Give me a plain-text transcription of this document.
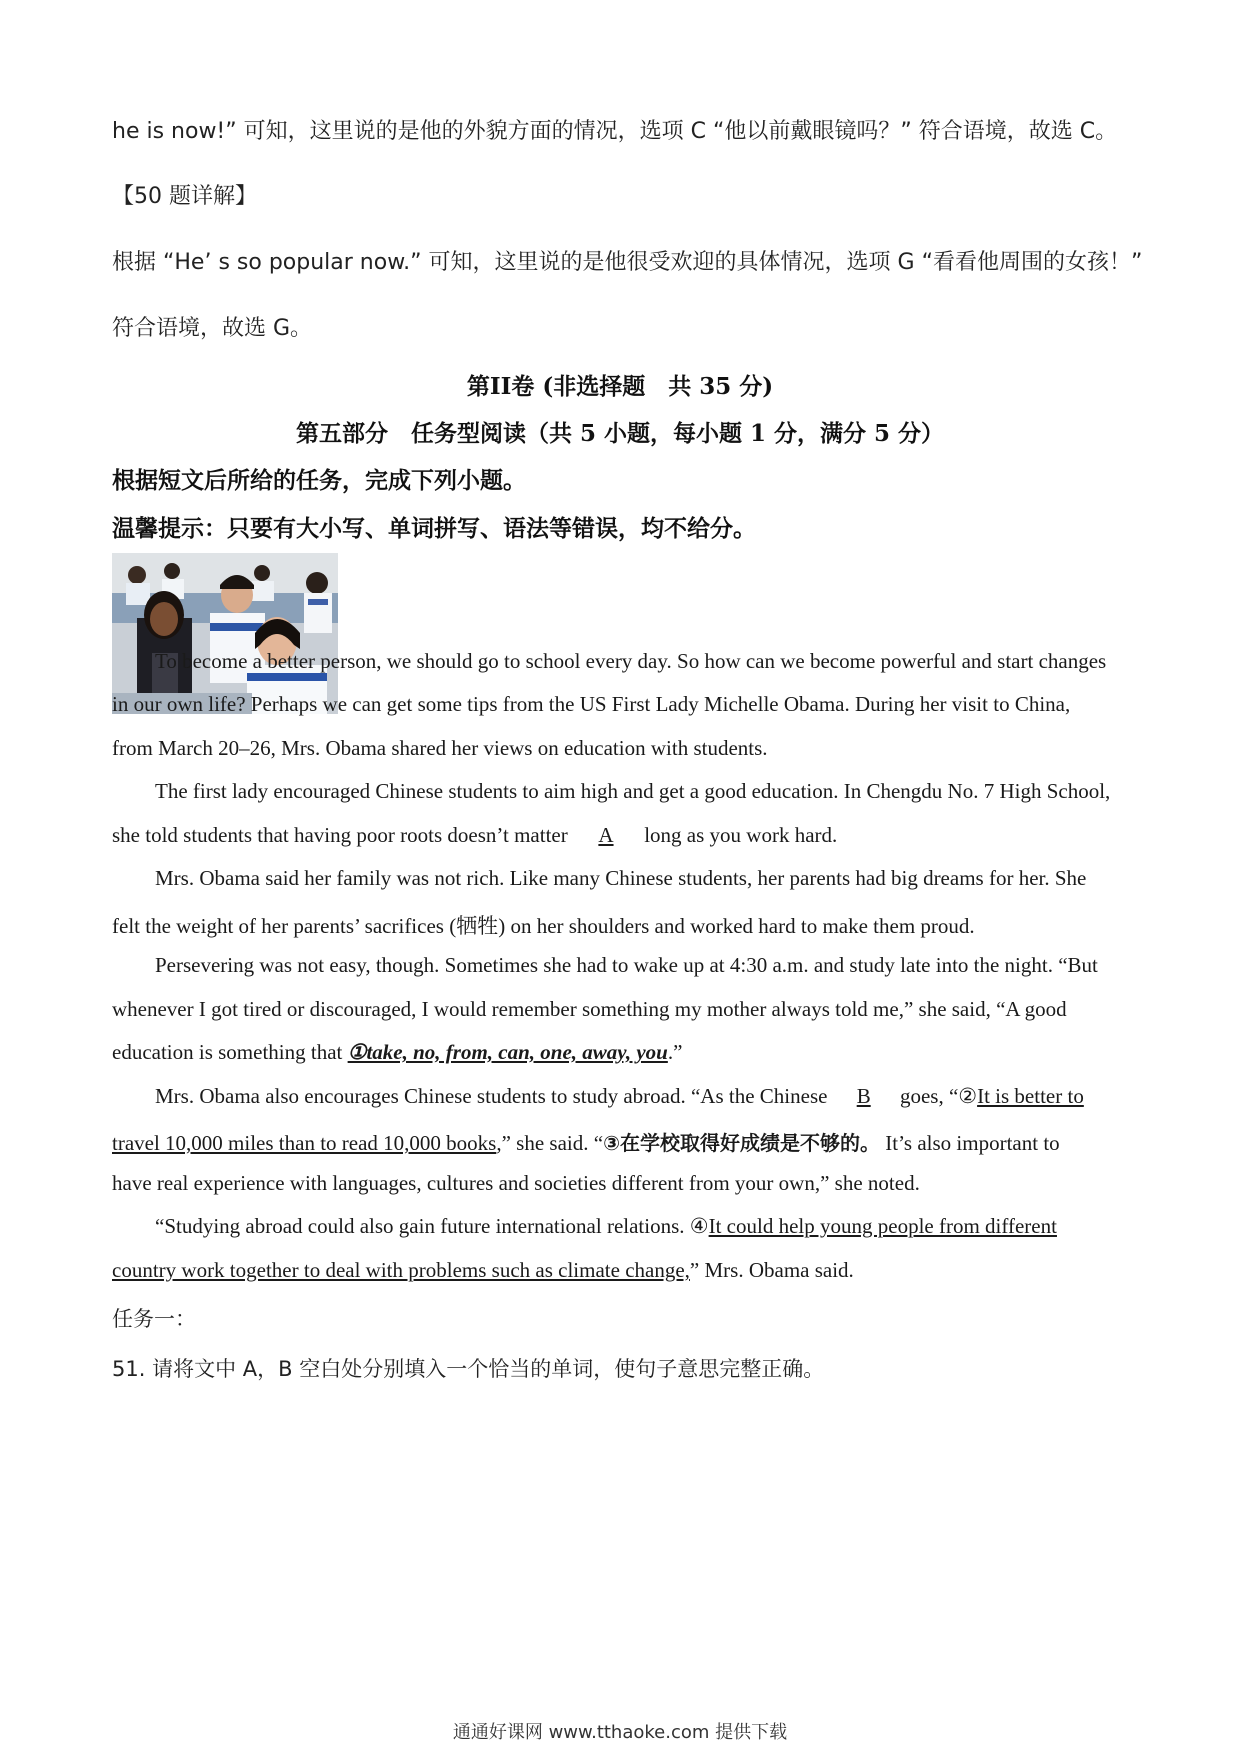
he is now!” 可知，这里说的是他的外貌方面的情况，选项 C “他以前戴眼镜吗？” 符合语境，故选 C。
【50 题详解】
根据 “He’ s so popular now.” 可知，这里说的是他很受欢迎的具体情况，选项 G “看看他周围的女孩！”
符合语境，故选 G。
第II卷 (非选择题　共 35 分)
第五部分　任务型阅读（共 5 小题，每小题 1 分，满分 5 分）
根据短文后所给的任务，完成下列小题。
温馨提示：只要有大小写、单词拼写、语法等错误，均不给分。
To become a better person, we should go to school every day. So how can we become powerful and start changes
in our own life? Perhaps we can get some tips from the US First Lady Michelle Obama. During her visit to China,
from March 20–26, Mrs. Obama shared her views on education with students.
The first lady encouraged Chinese students to aim high and get a good education. In Chengdu No. 7 High School,
she told students that having poor roots doesn’t matter A long as you work hard.
Mrs. Obama said her family was not rich. Like many Chinese students, her parents had big dreams for her. She
felt the weight of her parents’ sacrifices (牺牲) on her shoulders and worked hard to make them proud.
Persevering was not easy, though. Sometimes she had to wake up at 4:30 a.m. and study late into the night. “But
whenever I got tired or discouraged, I would remember something my mother always told me,” she said, “A good
education is something that ①take, no, from, can, one, away, you.”
Mrs. Obama also encourages Chinese students to study abroad. “As the Chinese B goes, “②It is better to
travel 10,000 miles than to read 10,000 books,” she said. “③在学校取得好成绩是不够的。 It’s also important to
have real experience with languages, cultures and societies different from your own,” she noted.
“Studying abroad could also gain future international relations. ④It could help young people from different
country work together to deal with problems such as climate change,” Mrs. Obama said.
任务一：
51. 请将文中 A，B 空白处分别填入一个恰当的单词，使句子意思完整正确。
通通好课网 www.tthaoke.com 提供下载
